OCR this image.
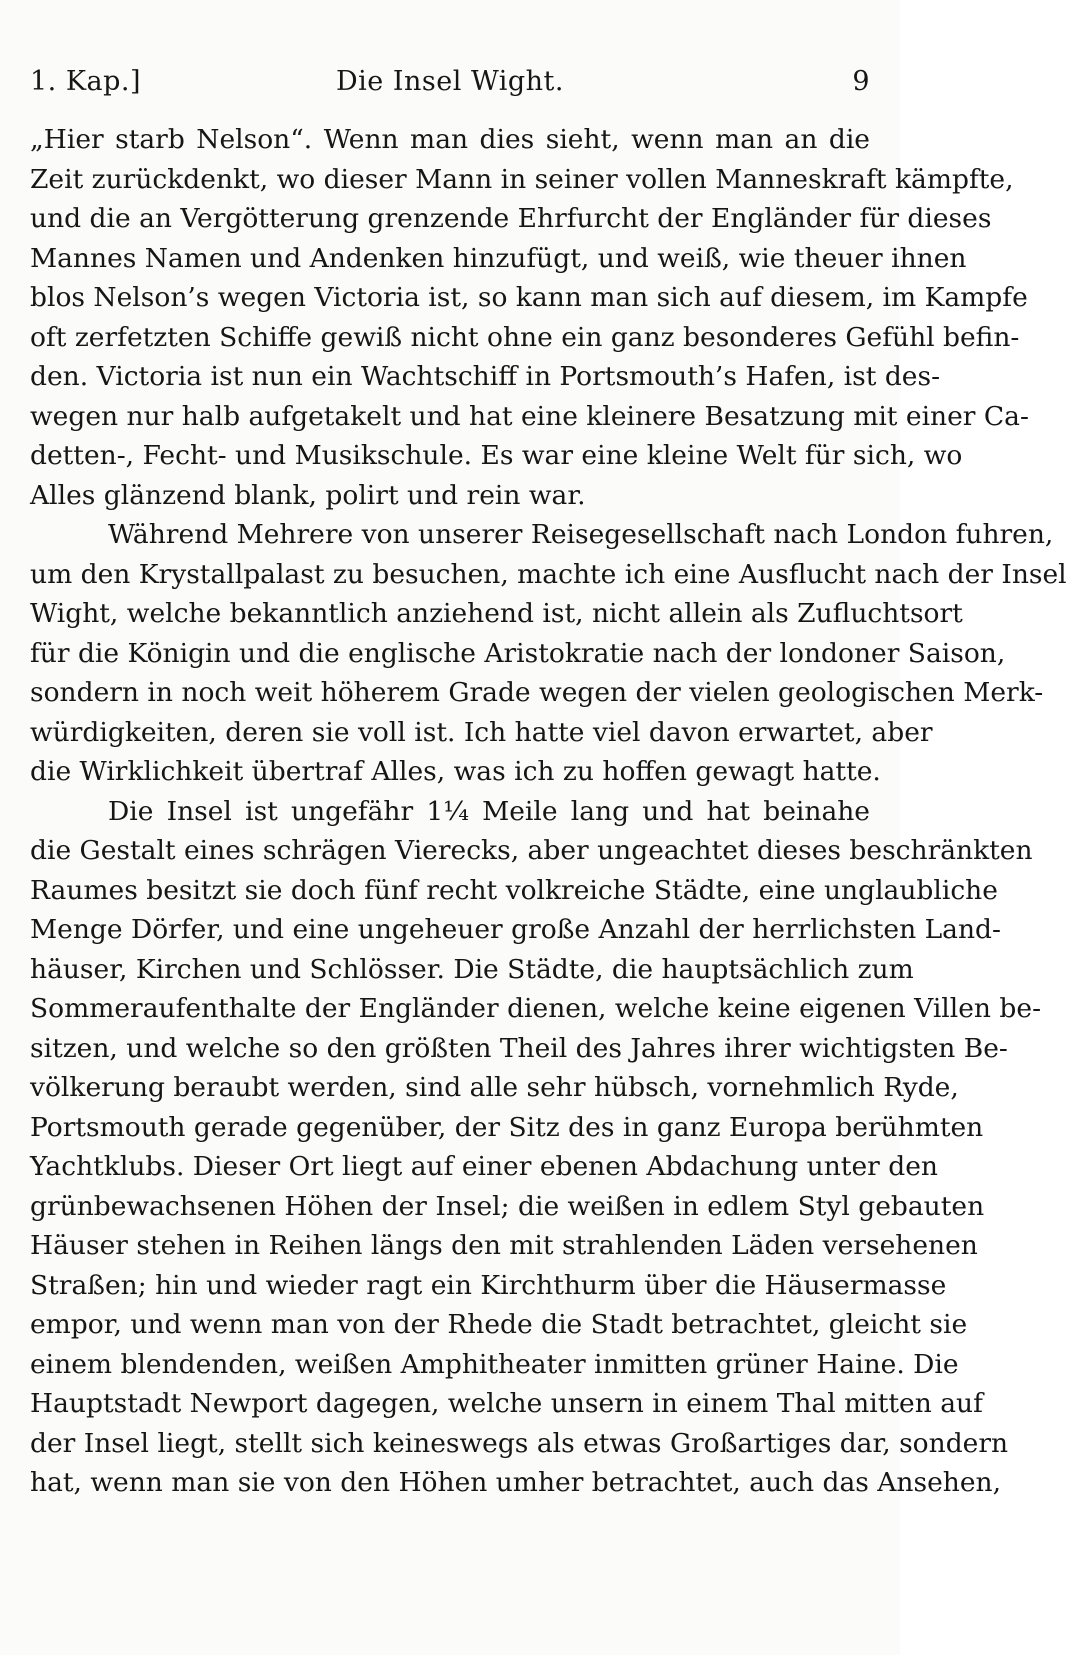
1. Kap.]	Die Insel Wight.	9
„Hier starb Nelson“. Wenn man dies sieht, wenn man an die
Zeit zurückdenkt, wo dieser Mann in seiner vollen Manneskraft kämpfte,
und die an Vergötterung grenzende Ehrfurcht der Engländer für dieses
Mannes Namen und Andenken hinzufügt, und weiß, wie theuer ihnen
blos Nelson’s wegen Victoria ist, so kann man sich auf diesem, im Kampfe
oft zerfetzten Schiffe gewiß nicht ohne ein ganz besonderes Gefühl befin-
den. Victoria ist nun ein Wachtschiff in Portsmouth’s Hafen, ist des-
wegen nur halb aufgetakelt und hat eine kleinere Besatzung mit einer Ca-
detten-, Fecht- und Musikschule. Es war eine kleine Welt für sich, wo
Alles glänzend blank, polirt und rein war.
Während Mehrere von unserer Reisegesellschaft nach London fuhren,
um den Krystallpalast zu besuchen, machte ich eine Ausflucht nach der Insel
Wight, welche bekanntlich anziehend ist, nicht allein als Zufluchtsort
für die Königin und die englische Aristokratie nach der londoner Saison,
sondern in noch weit höherem Grade wegen der vielen geologischen Merk-
würdigkeiten, deren sie voll ist. Ich hatte viel davon erwartet, aber
die Wirklichkeit übertraf Alles, was ich zu hoffen gewagt hatte.
Die Insel ist ungefähr 1¼ Meile lang und hat beinahe
die Gestalt eines schrägen Vierecks, aber ungeachtet dieses beschränkten
Raumes besitzt sie doch fünf recht volkreiche Städte, eine unglaubliche
Menge Dörfer, und eine ungeheuer große Anzahl der herrlichsten Land-
häuser, Kirchen und Schlösser. Die Städte, die hauptsächlich zum
Sommeraufenthalte der Engländer dienen, welche keine eigenen Villen be-
sitzen, und welche so den größten Theil des Jahres ihrer wichtigsten Be-
völkerung beraubt werden, sind alle sehr hübsch, vornehmlich Ryde,
Portsmouth gerade gegenüber, der Sitz des in ganz Europa berühmten
Yachtklubs. Dieser Ort liegt auf einer ebenen Abdachung unter den
grünbewachsenen Höhen der Insel; die weißen in edlem Styl gebauten
Häuser stehen in Reihen längs den mit strahlenden Läden versehenen
Straßen; hin und wieder ragt ein Kirchthurm über die Häusermasse
empor, und wenn man von der Rhede die Stadt betrachtet, gleicht sie
einem blendenden, weißen Amphitheater inmitten grüner Haine. Die
Hauptstadt Newport dagegen, welche unsern in einem Thal mitten auf
der Insel liegt, stellt sich keineswegs als etwas Großartiges dar, sondern
hat, wenn man sie von den Höhen umher betrachtet, auch das Ansehen,
